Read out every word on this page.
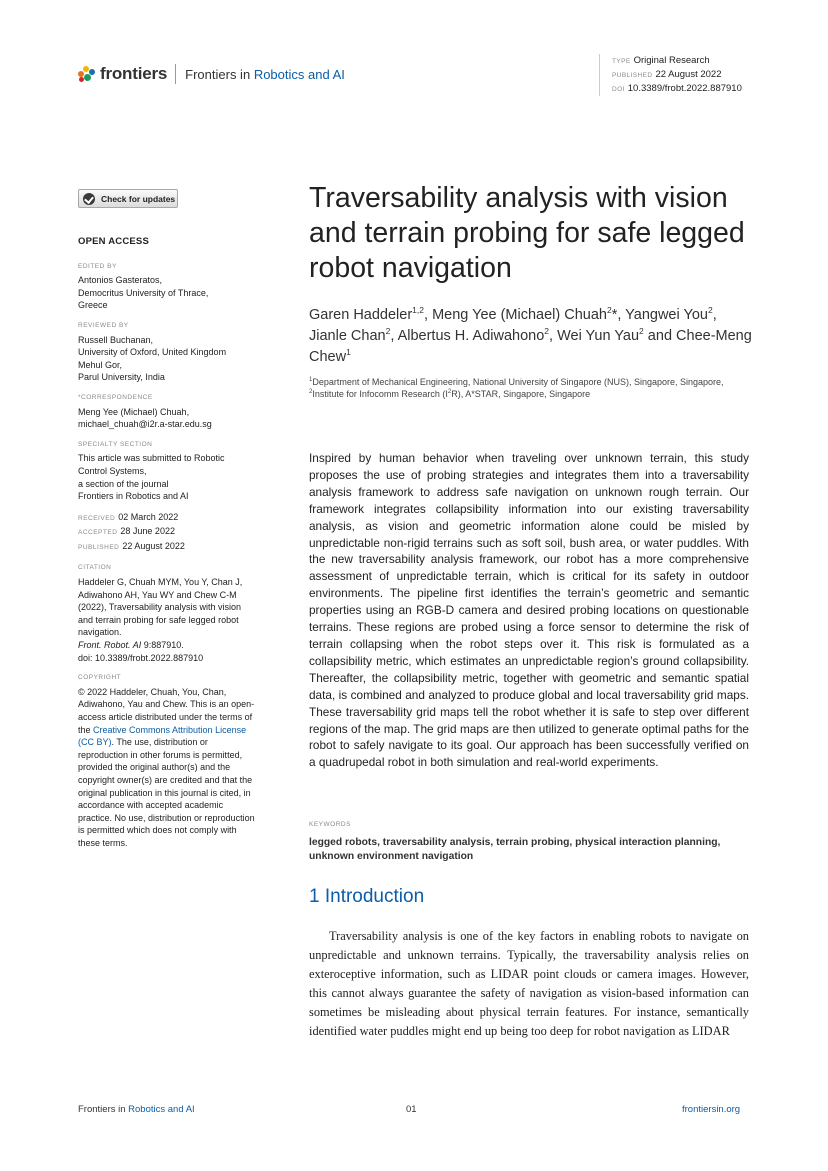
frontiers Frontiers in Robotics and AI
TYPE Original Research
PUBLISHED 22 August 2022
DOI 10.3389/frobt.2022.887910
Check for updates
OPEN ACCESS
EDITED BY
Antonios Gasteratos,
Democritus University of Thrace,
Greece
REVIEWED BY
Russell Buchanan,
University of Oxford, United Kingdom
Mehul Gor,
Parul University, India
*CORRESPONDENCE
Meng Yee (Michael) Chuah,
michael_chuah@i2r.a-star.edu.sg
SPECIALTY SECTION
This article was submitted to Robotic
Control Systems,
a section of the journal
Frontiers in Robotics and AI
RECEIVED 02 March 2022
ACCEPTED 28 June 2022
PUBLISHED 22 August 2022
CITATION
Haddeler G, Chuah MYM, You Y, Chan J, Adiwahono AH, Yau WY and Chew C-M (2022), Traversability analysis with vision and terrain probing for safe legged robot navigation.
Front. Robot. AI 9:887910.
doi: 10.3389/frobt.2022.887910
COPYRIGHT
© 2022 Haddeler, Chuah, You, Chan, Adiwahono, Yau and Chew. This is an open-access article distributed under the terms of the Creative Commons Attribution License (CC BY). The use, distribution or reproduction in other forums is permitted, provided the original author(s) and the copyright owner(s) are credited and that the original publication in this journal is cited, in accordance with accepted academic practice. No use, distribution or reproduction is permitted which does not comply with these terms.
Traversability analysis with vision and terrain probing for safe legged robot navigation
Garen Haddeler$^{1,2}$, Meng Yee (Michael) Chuah$^2$*, Yangwei You$^2$, Jianle Chan$^2$, Albertus H. Adiwahono$^2$, Wei Yun Yau$^2$ and Chee-Meng Chew$^1$
$^1$Department of Mechanical Engineering, National University of Singapore (NUS), Singapore, Singapore,
$^2$Institute for Infocomm Research $(I^2R)$, A*STAR, Singapore, Singapore
Inspired by human behavior when traveling over unknown terrain, this study proposes the use of probing strategies and integrates them into a traversability analysis framework to address safe navigation on unknown rough terrain. Our framework integrates collapsibility information into our existing traversability analysis, as vision and geometric information alone could be misled by unpredictable non-rigid terrains such as soft soil, bush area, or water puddles. With the new traversability analysis framework, our robot has a more comprehensive assessment of unpredictable terrain, which is critical for its safety in outdoor environments. The pipeline first identifies the terrain’s geometric and semantic properties using an RGB-D camera and desired probing locations on questionable terrains. These regions are probed using a force sensor to determine the risk of terrain collapsing when the robot steps over it. This risk is formulated as a collapsibility metric, which estimates an unpredictable region’s ground collapsibility. Thereafter, the collapsibility metric, together with geometric and semantic spatial data, is combined and analyzed to produce global and local traversability grid maps. These traversability grid maps tell the robot whether it is safe to step over different regions of the map. The grid maps are then utilized to generate optimal paths for the robot to safely navigate to its goal. Our approach has been successfully verified on a quadrupedal robot in both simulation and real-world experiments.
KEYWORDS
legged robots, traversability analysis, terrain probing, physical interaction planning, unknown environment navigation
1 Introduction
Traversability analysis is one of the key factors in enabling robots to navigate on unpredictable and unknown terrains. Typically, the traversability analysis relies on exteroceptive information, such as LIDAR point clouds or camera images. However, this cannot always guarantee the safety of navigation as vision-based information can sometimes be misleading about physical terrain features. For instance, semantically identified water puddles might end up being too deep for robot navigation as LIDAR
Frontiers in Robotics and AI	01	frontiersin.org
